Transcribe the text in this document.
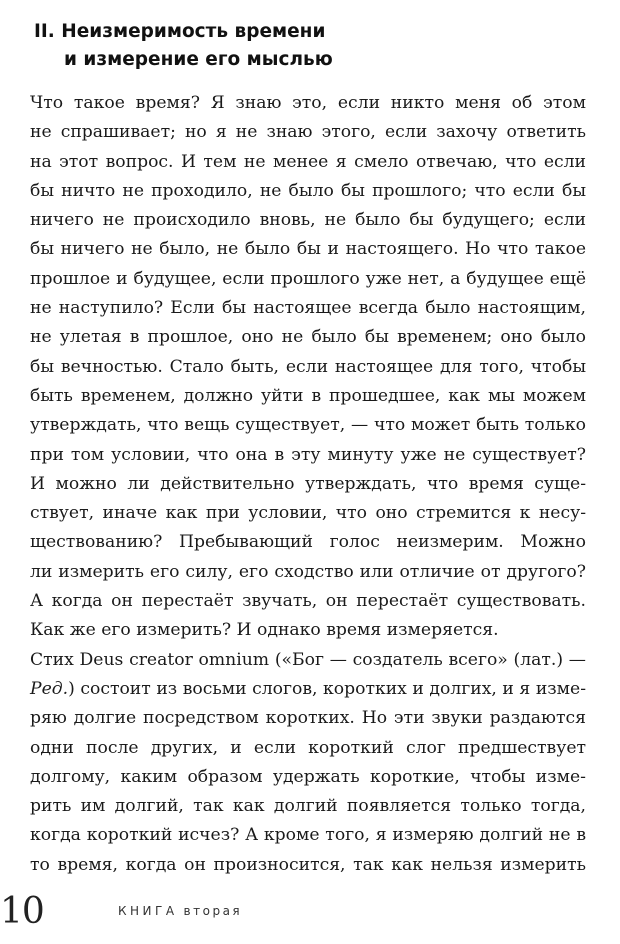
II. Неизмеримость времени
и измерение его мыслью
Что такое время? Я знаю это, если никто меня об этом
не спрашивает; но я не знаю этого, если захочу ответить
на этот вопрос. И тем не менее я смело отвечаю, что если
бы ничто не проходило, не было бы прошлого; что если бы
ничего не происходило вновь, не было бы будущего; если
бы ничего не было, не было бы и настоящего. Но что такое
прошлое и будущее, если прошлого уже нет, а будущее ещё
не наступило? Если бы настоящее всегда было настоящим,
не улетая в прошлое, оно не было бы временем; оно было
бы вечностью. Стало быть, если настоящее для того, чтобы
быть временем, должно уйти в прошедшее, как мы можем
утверждать, что вещь существует, — что может быть только
при том условии, что она в эту минуту уже не существует?
И можно ли действительно утверждать, что время суще-
ствует, иначе как при условии, что оно стремится к несу-
ществованию? Пребывающий голос неизмерим. Можно
ли измерить его силу, его сходство или отличие от другого?
А когда он перестаёт звучать, он перестаёт существовать.
Как же его измерить? И однако время измеряется.
Стих Deus creator omnium («Бог — создатель всего» (лат.) —
Ред.) состоит из восьми слогов, коротких и долгих, и я изме-
ряю долгие посредством коротких. Но эти звуки раздаются
одни после других, и если короткий слог предшествует
долгому, каким образом удержать короткие, чтобы изме-
рить им долгий, так как долгий появляется только тогда,
когда короткий исчез? А кроме того, я измеряю долгий не в
то время, когда он произносится, так как нельзя измерить
10	КНИГА вторая
